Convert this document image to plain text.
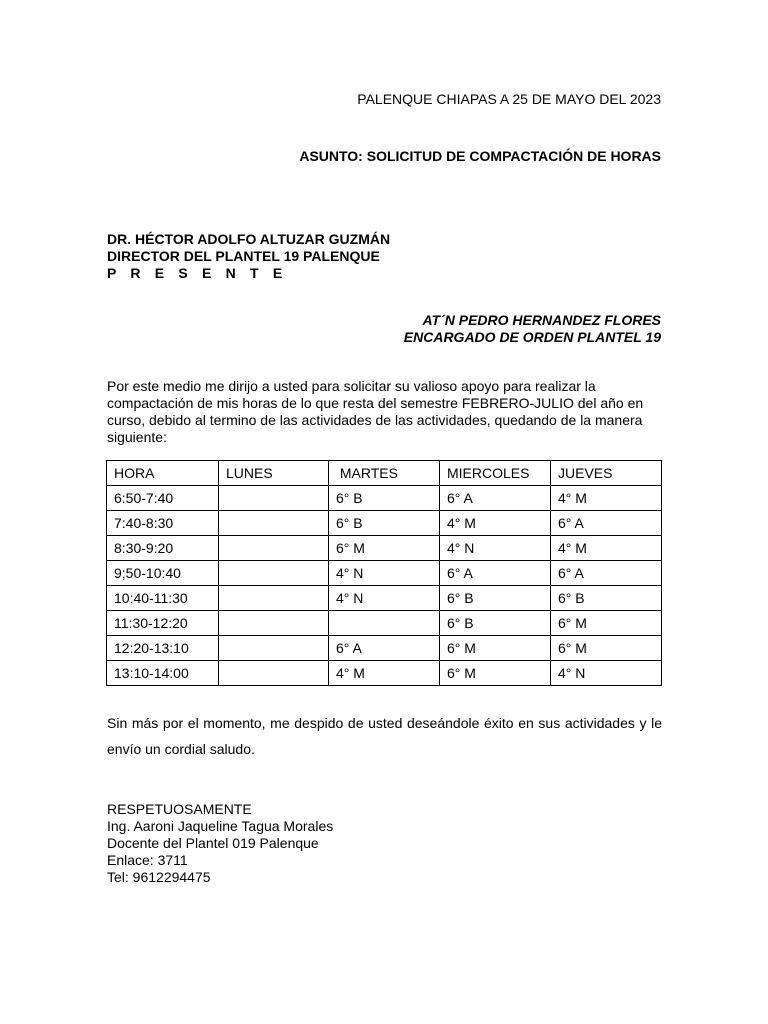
PALENQUE CHIAPAS A 25 DE MAYO DEL 2023
ASUNTO: SOLICITUD DE COMPACTACIÓN DE HORAS
DR. HÉCTOR ADOLFO ALTUZAR GUZMÁN
DIRECTOR DEL PLANTEL 19 PALENQUE
P R E S E N T E
AT´N PEDRO HERNANDEZ FLORES
ENCARGADO DE ORDEN PLANTEL 19
Por este medio me dirijo a usted para solicitar su valioso apoyo para realizar la compactación de mis horas de lo que resta del semestre FEBRERO-JULIO del año en curso, debido al termino de las actividades de las actividades, quedando de la manera siguiente:
HORA	LUNES	MARTES	MIERCOLES	JUEVES
6:50-7:40		6° B	6° A	4° M
7:40-8:30		6° B	4° M	6° A
8:30-9:20		6° M	4° N	4° M
9;50-10:40		4° N	6° A	6° A
10:40-11:30		4° N	6° B	6° B
11:30-12:20			6° B	6° M
12:20-13:10		6° A	6° M	6° M
13:10-14:00		4° M	6° M	4° N
Sin más por el momento, me despido de usted deseándole éxito en sus actividades y le envío un cordial saludo.
RESPETUOSAMENTE
Ing. Aaroni Jaqueline Tagua Morales
Docente del Plantel 019 Palenque
Enlace: 3711
Tel: 9612294475
